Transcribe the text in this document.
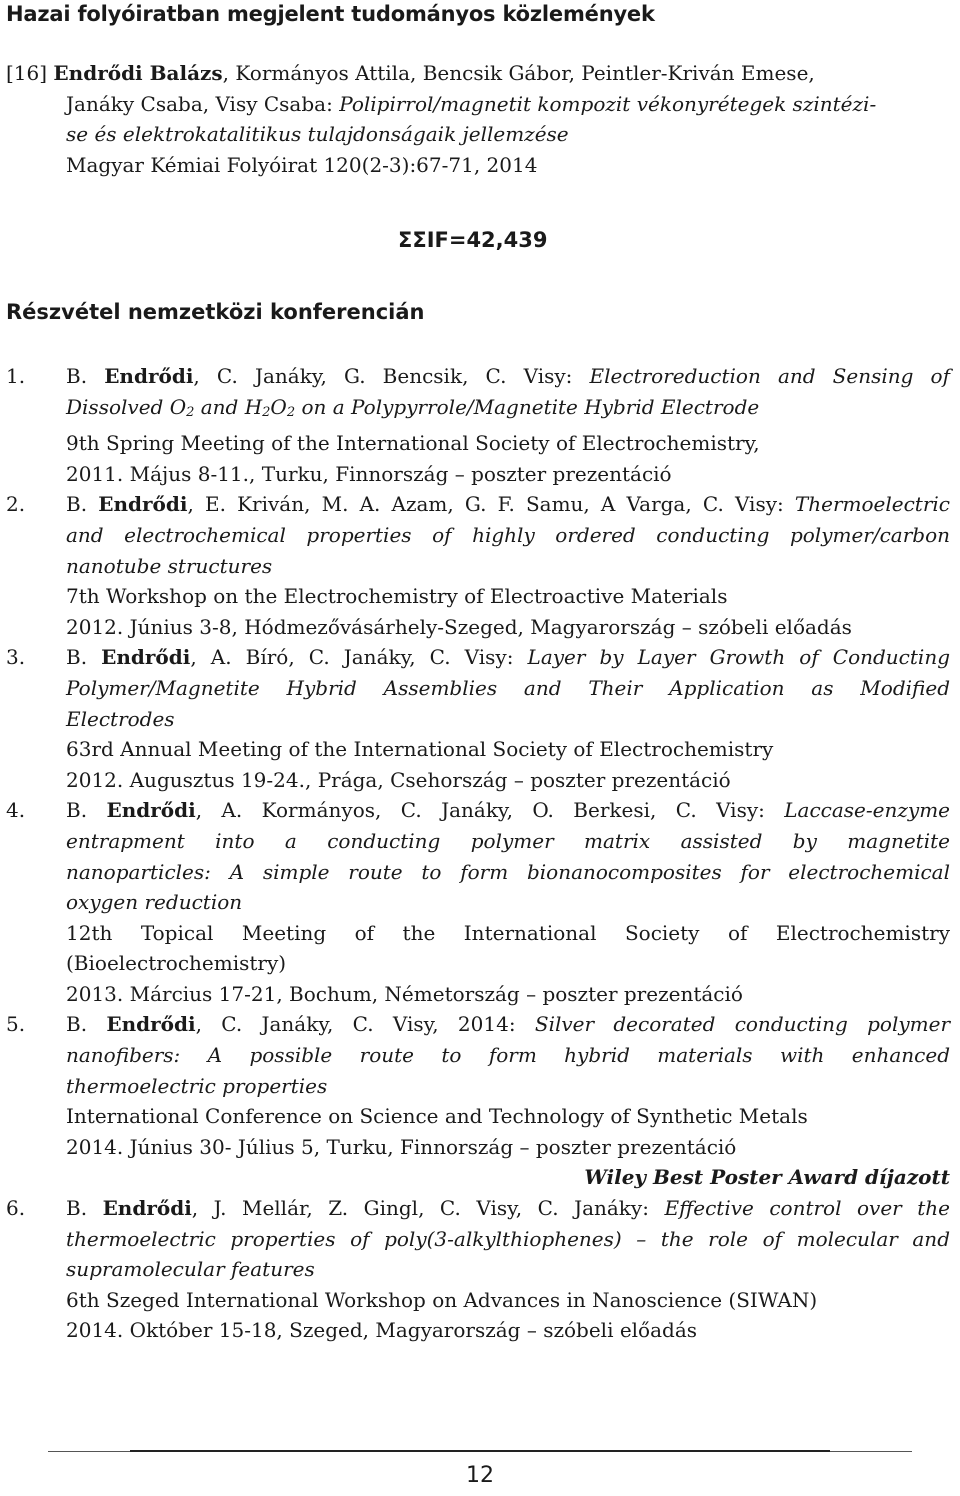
Hazai folyóiratban megjelent tudományos közlemények
[16] Endrődi Balázs, Kormányos Attila, Bencsik Gábor, Peintler-Kriván Emese,
Janáky Csaba, Visy Csaba: Polipirrol/magnetit kompozit vékonyrétegek szintézi-
se és elektrokatalitikus tulajdonságaik jellemzése
Magyar Kémiai Folyóirat 120(2-3):67-71, 2014
ΣΣIF=42,439
Részvétel nemzetközi konferencián
1. B. Endrődi, C. Janáky, G. Bencsik, C. Visy: Electroreduction and Sensing of
Dissolved O2 and H2O2 on a Polypyrrole/Magnetite Hybrid Electrode
9th Spring Meeting of the International Society of Electrochemistry,
2011. Május 8-11., Turku, Finnország – poszter prezentáció
2. B. Endrődi, E. Kriván, M. A. Azam, G. F. Samu, A Varga, C. Visy: Thermoelectric
and electrochemical properties of highly ordered conducting polymer/carbon
nanotube structures
7th Workshop on the Electrochemistry of Electroactive Materials
2012. Június 3-8, Hódmezővásárhely-Szeged, Magyarország – szóbeli előadás
3. B. Endrődi, A. Bíró, C. Janáky, C. Visy: Layer by Layer Growth of Conducting
Polymer/Magnetite Hybrid Assemblies and Their Application as Modified
Electrodes
63rd Annual Meeting of the International Society of Electrochemistry
2012. Augusztus 19-24., Prága, Csehország – poszter prezentáció
4. B. Endrődi, A. Kormányos, C. Janáky, O. Berkesi, C. Visy: Laccase-enzyme
entrapment into a conducting polymer matrix assisted by magnetite
nanoparticles: A simple route to form bionanocomposites for electrochemical
oxygen reduction
12th Topical Meeting of the International Society of Electrochemistry
(Bioelectrochemistry)
2013. Március 17-21, Bochum, Németország – poszter prezentáció
5. B. Endrődi, C. Janáky, C. Visy, 2014: Silver decorated conducting polymer
nanofibers: A possible route to form hybrid materials with enhanced
thermoelectric properties
International Conference on Science and Technology of Synthetic Metals
2014. Június 30- Július 5, Turku, Finnország – poszter prezentáció
Wiley Best Poster Award díjazott
6. B. Endrődi, J. Mellár, Z. Gingl, C. Visy, C. Janáky: Effective control over the
thermoelectric properties of poly(3-alkylthiophenes) – the role of molecular and
supramolecular features
6th Szeged International Workshop on Advances in Nanoscience (SIWAN)
2014. Október 15-18, Szeged, Magyarország – szóbeli előadás
12
